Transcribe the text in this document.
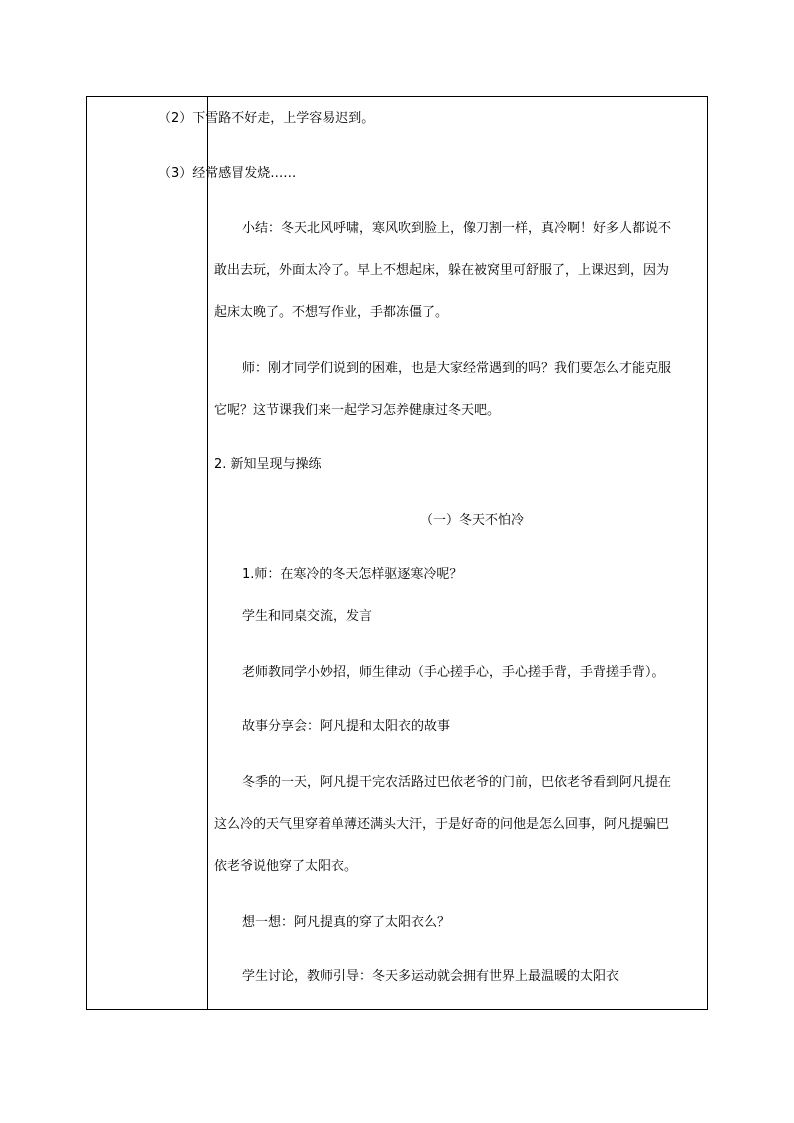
（2）下雪路不好走，上学容易迟到。
（3）经常感冒发烧……
小结：冬天北风呼啸，寒风吹到脸上，像刀割一样，真冷啊！好多人都说不
敢出去玩，外面太冷了。早上不想起床，躲在被窝里可舒服了，上课迟到，因为
起床太晚了。不想写作业，手都冻僵了。
师：刚才同学们说到的困难，也是大家经常遇到的吗？我们要怎么才能克服
它呢？这节课我们来一起学习怎养健康过冬天吧。
2. 新知呈现与操练
（一）冬天不怕冷
1.师：在寒冷的冬天怎样驱逐寒冷呢？
学生和同桌交流，发言
老师教同学小妙招，师生律动（手心搓手心，手心搓手背，手背搓手背）。
故事分享会：阿凡提和太阳衣的故事
冬季的一天，阿凡提干完农活路过巴依老爷的门前，巴依老爷看到阿凡提在
这么冷的天气里穿着单薄还满头大汗，于是好奇的问他是怎么回事，阿凡提骗巴
依老爷说他穿了太阳衣。
想一想：阿凡提真的穿了太阳衣么？
学生讨论，教师引导：冬天多运动就会拥有世界上最温暖的太阳衣
